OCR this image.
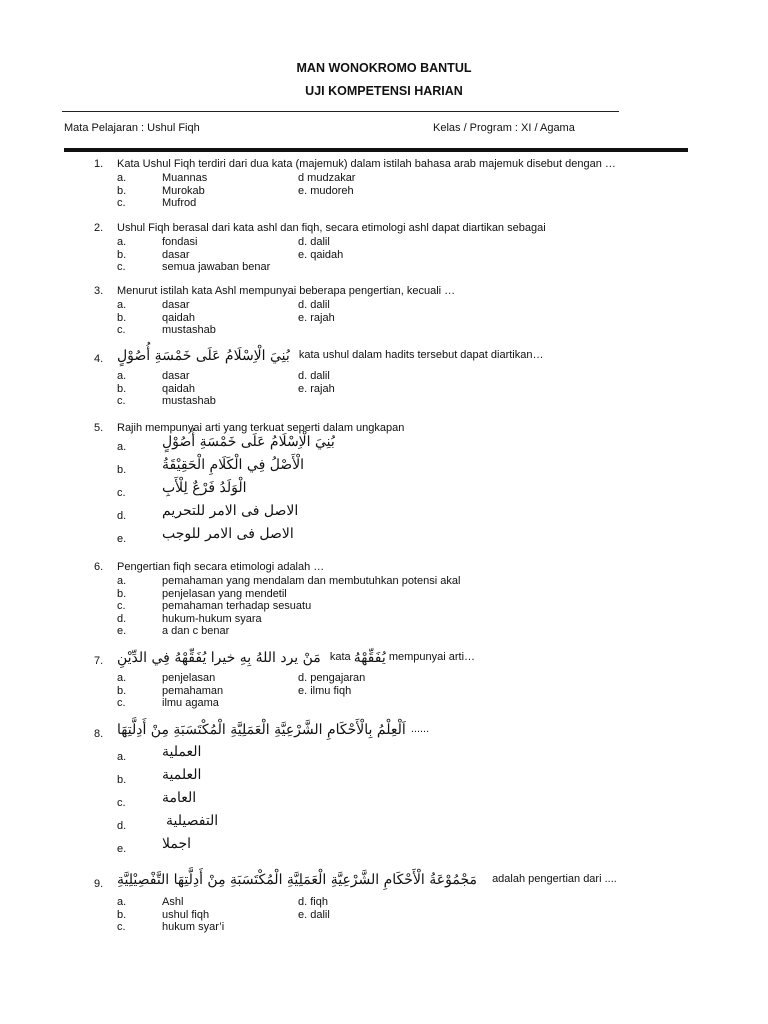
MAN WONOKROMO BANTUL
UJI KOMPETENSI HARIAN
Mata Pelajaran : Ushul Fiqh	Kelas / Program : XI / Agama
1.	Kata Ushul Fiqh terdiri dari dua kata (majemuk) dalam istilah bahasa arab majemuk disebut dengan …
a.	Muannas	d mudzakar
b.	Murokab	e. mudoreh
c.	Mufrod
2.	Ushul Fiqh berasal dari kata ashl dan fiqh, secara etimologi ashl dapat diartikan sebagai
a.	fondasi	d. dalil
b.	dasar	e. qaidah
c.	semua jawaban benar
3.	Menurut istilah kata Ashl mempunyai beberapa pengertian, kecuali …
a.	dasar	d. dalil
b.	qaidah	e. rajah
c.	mustashab
4. بُنِيَ الْاِسْلَامُ عَلَى خَمْسَةِ أُصُوْلٍ kata ushul dalam hadits tersebut dapat diartikan…
a.	dasar	d. dalil
b.	qaidah	e. rajah
c.	mustashab
5.	Rajih mempunyai arti yang terkuat seperti dalam ungkapan
a.	بُنِيَ الْاِسْلَامُ عَلَى خَمْسَةِ أُصُوْلٍ
b.	الْأَصْلُ فِي الْكَلَامِ الْحَقِيْقَةُ
c.	الْوَلَدُ فَرْعٌ لِلْأَبِ
d.	الاصل فى الامر للتحريم
e.	الاصل فى الامر للوجب
6.	Pengertian fiqh secara etimologi adalah …
a.	pemahaman yang mendalam dan membutuhkan potensi akal
b.	penjelasan yang mendetil
c.	pemahaman terhadap sesuatu
d.	hukum-hukum syara
e.	a dan c benar
7. مَنْ يرد اللهُ بِهِ خيرا يُفَقِّهْهُ فِي الدِّيْنِ kata يُفَقِّهْهُ mempunyai arti…
a.	penjelasan	d. pengajaran
b.	pemahaman	e. ilmu fiqh
c.	ilmu agama
8. اَلْعِلْمُ بِالْأَحْكَامِ الشَّرْعِيَّةِ الْعَمَلِيَّةِ الْمُكْتَسَبَةِ مِنْ أَدِلَّتِهَا ......
a.	العملية
b.	العلمية
c.	العامة
d.	التفصيلية
e.	اجملا
9. مَجْمُوْعَةُ الْأَحْكَامِ الشَّرْعِيَّةِ الْعَمَلِيَّةِ الْمُكْتَسَبَةِ مِنْ أَدِلَّتِهَا التَّفْصِيْلِيَّةِ adalah pengertian dari ....
a.	Ashl	d. fiqh
b.	ushul fiqh	e. dalil
c.	hukum syar’i
